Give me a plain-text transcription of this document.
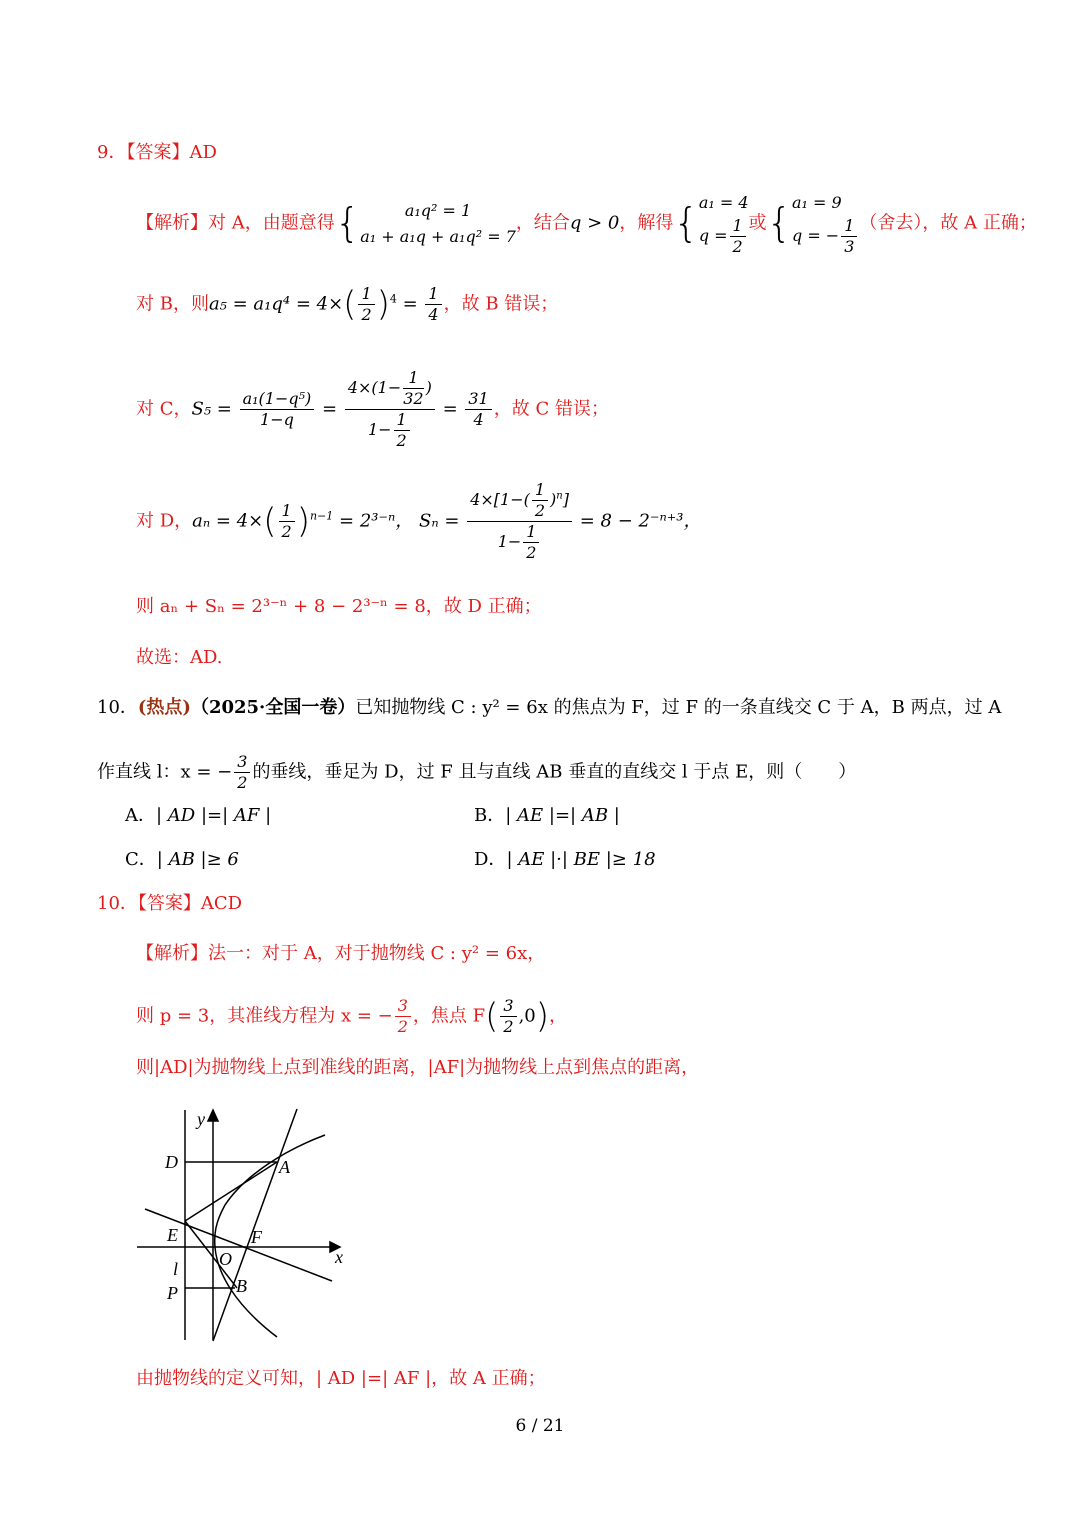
9．【答案】AD
【解析】对 A，由题意得{	a₁q² = 1
a₁ + a₁q + a₁q² = 7
，结合q > 0，解得{ a₁ = 4
$q = \frac{1}{2}$ 或{ a₁ = 9
q = − $\frac{1}{3}$ （舍去），故 A 正确；
对 B，则$a_5 = a_1q^4 = 4\times( \frac{1}{2} )^4 = \frac{1}{4}$ ，故 B 错误；
对 C，$S_5 = \frac{\text{a₁(1−q⁵)}}{1-q} = \frac{4\times(1- \frac{1}{32} )}{1- \frac{1}{2}} = \frac{31}{4}$ ，故 C 错误；
对 D，$a_n = 4\times( \frac{1}{2} )^{n-1} = 2^{3-n}$， $S_n = \frac{4\times[1-( \frac{1}{2} )^n]}{1- \frac{1}{2}} = 8 - 2^{-n+3}$，
则 aₙ + Sₙ = 2³⁻ⁿ + 8 − 2³⁻ⁿ = 8，故 D 正确；
故选：AD.
10．(热点)（2025·全国一卷）已知抛物线 C : y² = 6x 的焦点为 F，过 F 的一条直线交 C 于 A，B 两点，过 A
作直线 l：x = − $\frac{3}{2}$ 的垂线，垂足为 D，过 F 且与直线 AB 垂直的直线交 l 于点 E，则（　　）
A．| AD |=| AF |	B．| AE |=| AB |
C．| AB |≥ 6	D．| AE |·| BE |≥ 18
10．【答案】ACD
【解析】法一：对于 A，对于抛物线 C : y² = 6x，
则 p = 3，其准线方程为 x = − $\frac{3}{2}$ ，焦点 $F( \frac{3}{2} ,0)$，
则|AD|为抛物线上点到准线的距离，|AF|为抛物线上点到焦点的距离，
y
x
D	A
E	F
O
l
P	B
由抛物线的定义可知，| AD |=| AF |，故 A 正确；
6 / 21
